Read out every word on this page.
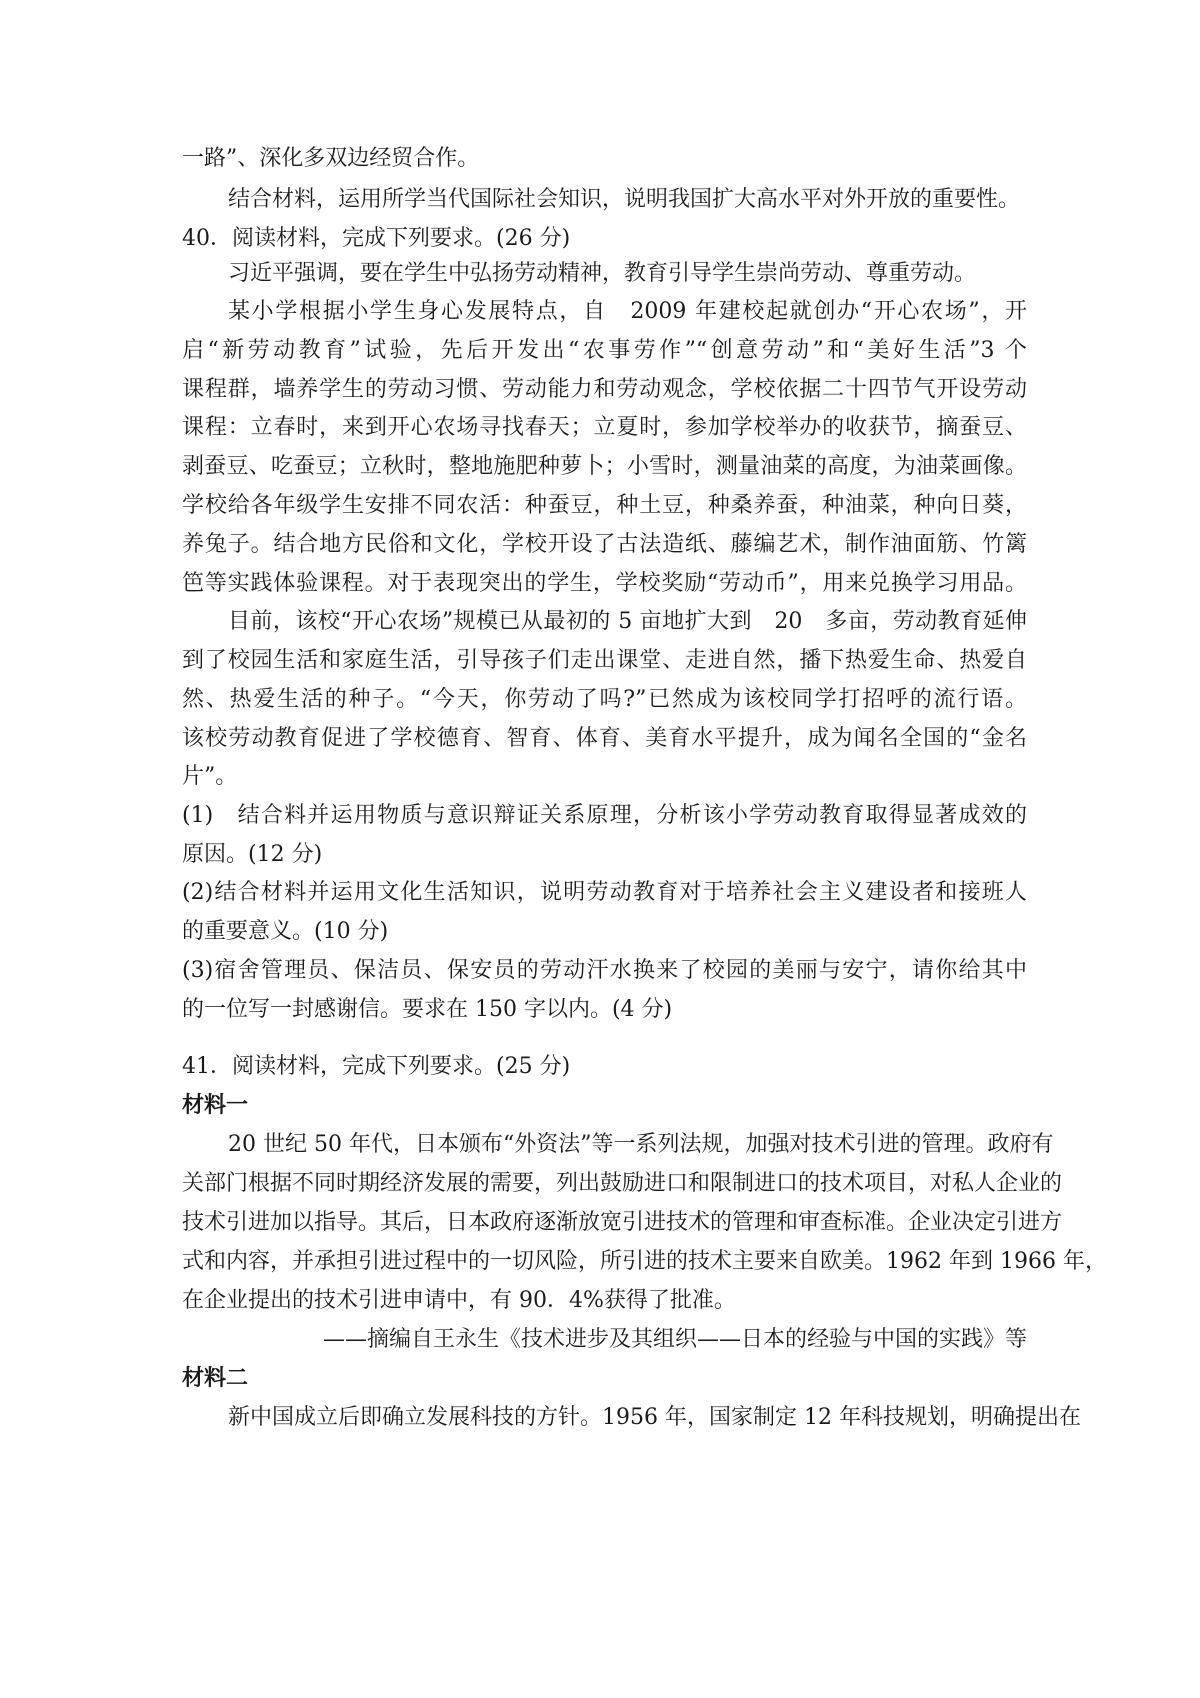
一路”、深化多双边经贸合作。
结合材料，运用所学当代国际社会知识，说明我国扩大高水平对外开放的重要性。
40．阅读材料，完成下列要求。(26 分)
习近平强调，要在学生中弘扬劳动精神，教育引导学生崇尚劳动、尊重劳动。
某小学根据小学生身心发展特点，自　2009 年建校起就创办“开心农场”，开
启“新劳动教育”试验，先后开发出“农事劳作”“创意劳动”和“美好生活”3 个
课程群，墙养学生的劳动习惯、劳动能力和劳动观念，学校依据二十四节气开设劳动
课程：立春时，来到开心农场寻找春天；立夏时，参加学校举办的收获节，摘蚕豆、
剥蚕豆、吃蚕豆；立秋时，整地施肥种萝卜；小雪时，测量油菜的高度，为油菜画像。
学校给各年级学生安排不同农活：种蚕豆，种土豆，种桑养蚕，种油菜，种向日葵，
养兔子。结合地方民俗和文化，学校开设了古法造纸、藤编艺术，制作油面筋、竹篱
笆等实践体验课程。对于表现突出的学生，学校奖励“劳动币”，用来兑换学习用品。
目前，该校“开心农场”规模已从最初的 5 亩地扩大到　20　多亩，劳动教育延伸
到了校园生活和家庭生活，引导孩子们走出课堂、走进自然，播下热爱生命、热爱自
然、热爱生活的种子。“今天，你劳动了吗?”已然成为该校同学打招呼的流行语。
该校劳动教育促进了学校德育、智育、体育、美育水平提升，成为闻名全国的“金名
片”。
(1)　结合料并运用物质与意识辩证关系原理，分析该小学劳动教育取得显著成效的
原因。(12 分)
(2)结合材料并运用文化生活知识，说明劳动教育对于培养社会主义建设者和接班人
的重要意义。(10 分)
(3)宿舍管理员、保洁员、保安员的劳动汗水换来了校园的美丽与安宁，请你给其中
的一位写一封感谢信。要求在 150 字以内。(4 分)
41．阅读材料，完成下列要求。(25 分)
材料一
20 世纪 50 年代，日本颁布“外资法”等一系列法规，加强对技术引进的管理。政府有
关部门根据不同时期经济发展的需要，列出鼓励进口和限制进口的技术项目，对私人企业的
技术引进加以指导。其后，日本政府逐渐放宽引进技术的管理和审查标准。企业决定引进方
式和内容，并承担引进过程中的一切风险，所引进的技术主要来自欧美。1962 年到 1966 年，
在企业提出的技术引进申请中，有 90．4%获得了批准。
——摘编自王永生《技术进步及其组织——日本的经验与中国的实践》等
材料二
新中国成立后即确立发展科技的方针。1956 年，国家制定 12 年科技规划，明确提出在
